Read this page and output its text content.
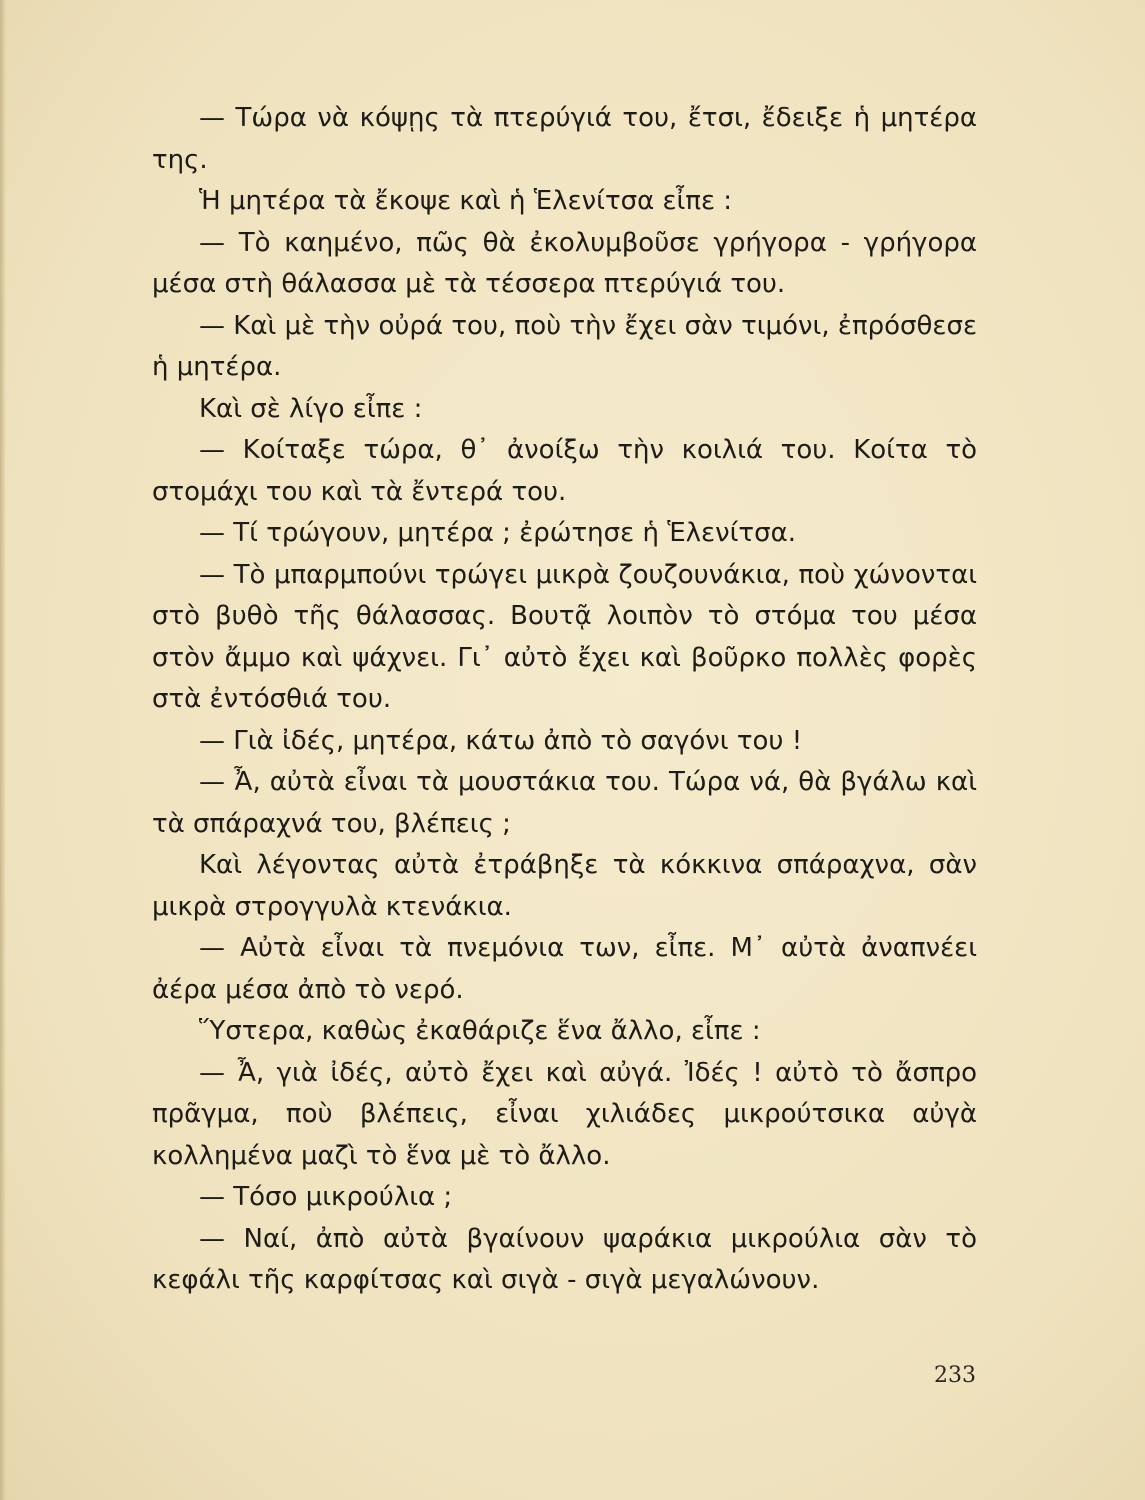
— Τώρα νὰ κόψῃς τὰ πτερύγιά του, ἔτσι, ἔδειξε ἡ μητέρα της.

Ἡ μητέρα τὰ ἔκοψε καὶ ἡ Ἑλενίτσα εἶπε :

— Τὸ καημένο, πῶς θὰ ἐκολυμβοῦσε γρήγορα - γρήγορα μέσα στὴ θάλασσα μὲ τὰ τέσσερα πτερύγιά του.

— Καὶ μὲ τὴν οὐρά του, ποὺ τὴν ἔχει σὰν τιμόνι, ἐπρόσθεσε ἡ μητέρα.

Καὶ σὲ λίγο εἶπε :

— Κοίταξε τώρα, θ᾿ ἀνοίξω τὴν κοιλιά του. Κοίτα τὸ στομάχι του καὶ τὰ ἔντερά του.

— Τί τρώγουν, μητέρα ; ἐρώτησε ἡ Ἑλενίτσα.

— Τὸ μπαρμπούνι τρώγει μικρὰ ζουζουνάκια, ποὺ χώνονται στὸ βυθὸ τῆς θάλασσας. Βουτᾷ λοιπὸν τὸ στόμα του μέσα στὸν ἄμμο καὶ ψάχνει. Γι᾿ αὐτὸ ἔχει καὶ βοῦρκο πολλὲς φορὲς στὰ ἐντόσθιά του.

— Γιὰ ἰδές, μητέρα, κάτω ἀπὸ τὸ σαγόνι του !

— Ἆ, αὐτὰ εἶναι τὰ μουστάκια του. Τώρα νά, θὰ βγάλω καὶ τὰ σπάραχνά του, βλέπεις ;

Καὶ λέγοντας αὐτὰ ἐτράβηξε τὰ κόκκινα σπάραχνα, σὰν μικρὰ στρογγυλὰ κτενάκια.

— Αὐτὰ εἶναι τὰ πνεμόνια των, εἶπε. Μ᾿ αὐτὰ ἀναπνέει ἀέρα μέσα ἀπὸ τὸ νερό.

Ὕστερα, καθὼς ἐκαθάριζε ἕνα ἄλλο, εἶπε :

— Ἆ, γιὰ ἰδές, αὐτὸ ἔχει καὶ αὐγά. Ἰδές ! αὐτὸ τὸ ἄσπρο πρᾶγμα, ποὺ βλέπεις, εἶναι χιλιάδες μικρούτσικα αὐγὰ κολλημένα μαζὶ τὸ ἕνα μὲ τὸ ἄλλο.

— Τόσο μικρούλια ;

— Ναί, ἀπὸ αὐτὰ βγαίνουν ψαράκια μικρούλια σὰν τὸ κεφάλι τῆς καρφίτσας καὶ σιγὰ - σιγὰ μεγαλώνουν.

233
